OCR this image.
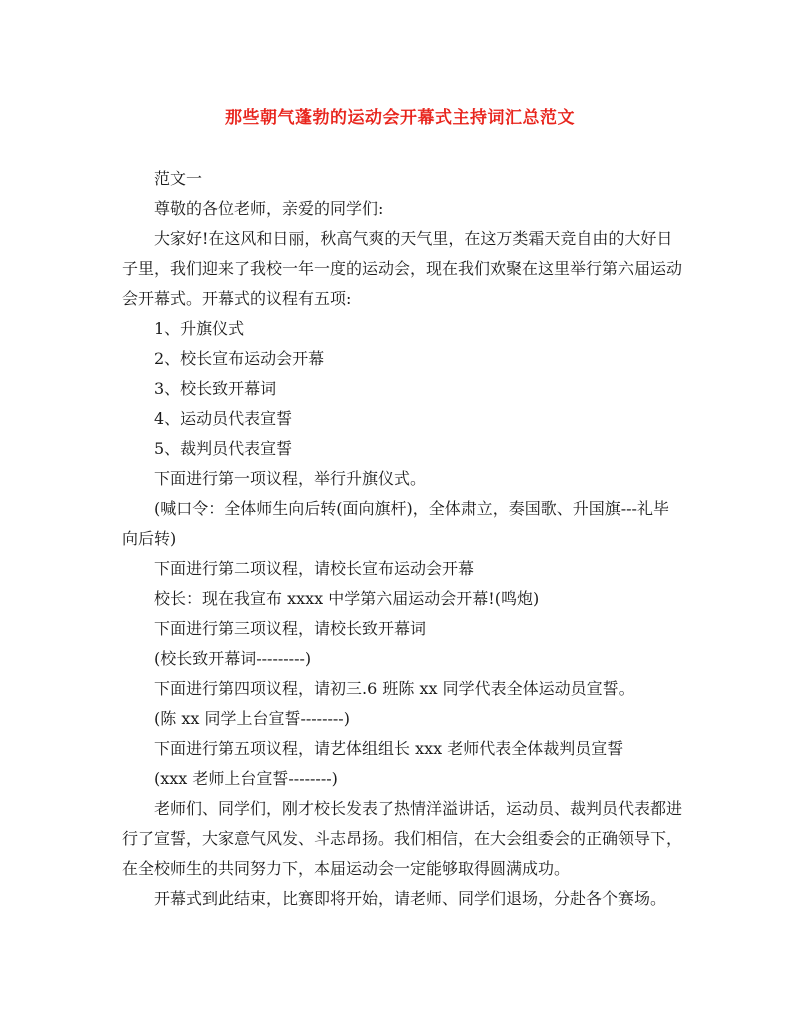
那些朝气蓬勃的运动会开幕式主持词汇总范文

范文一

尊敬的各位老师，亲爱的同学们:

大家好!在这风和日丽，秋高气爽的天气里，在这万类霜天竞自由的大好日子里，我们迎来了我校一年一度的运动会，现在我们欢聚在这里举行第六届运动会开幕式。开幕式的议程有五项:

1、升旗仪式

2、校长宣布运动会开幕

3、校长致开幕词

4、运动员代表宣誓

5、裁判员代表宣誓

下面进行第一项议程，举行升旗仪式。

(喊口令：全体师生向后转(面向旗杆)，全体肃立，奏国歌、升国旗---礼毕向后转)

下面进行第二项议程，请校长宣布运动会开幕

校长：现在我宣布 xxxx 中学第六届运动会开幕!(鸣炮)

下面进行第三项议程，请校长致开幕词

(校长致开幕词---------)

下面进行第四项议程，请初三.6 班陈 xx 同学代表全体运动员宣誓。

(陈 xx 同学上台宣誓--------)

下面进行第五项议程，请艺体组组长 xxx 老师代表全体裁判员宣誓

(xxx 老师上台宣誓--------)

老师们、同学们，刚才校长发表了热情洋溢讲话，运动员、裁判员代表都进行了宣誓，大家意气风发、斗志昂扬。我们相信，在大会组委会的正确领导下，在全校师生的共同努力下，本届运动会一定能够取得圆满成功。

开幕式到此结束，比赛即将开始，请老师、同学们退场，分赴各个赛场。
